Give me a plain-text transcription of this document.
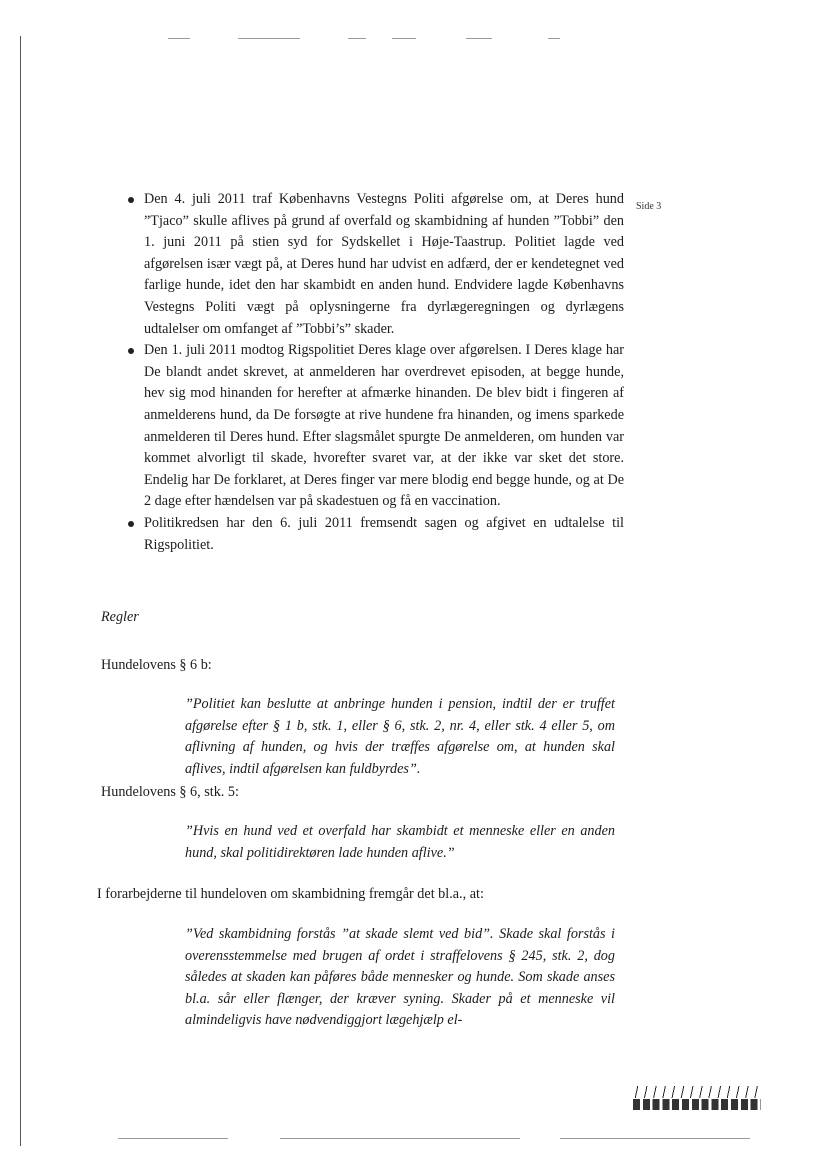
Side 3
Den 4. juli 2011 traf Københavns Vestegns Politi afgørelse om, at Deres hund ”Tjaco” skulle aflives på grund af overfald og skambidning af hunden ”Tobbi” den 1. juni 2011 på stien syd for Sydskellet i Høje-Taastrup. Politiet lagde ved afgørelsen især vægt på, at Deres hund har udvist en adfærd, der er kendetegnet ved farlige hunde, idet den har skambidt en anden hund. Endvidere lagde Københavns Vestegns Politi vægt på oplysningerne fra dyrlægeregningen og dyrlægens udtalelser om omfanget af ”Tobbi’s” skader.
Den 1. juli 2011 modtog Rigspolitiet Deres klage over afgørelsen. I Deres klage har De blandt andet skrevet, at anmelderen har overdrevet episoden, at begge hunde, hev sig mod hinanden for herefter at afmærke hinanden. De blev bidt i fingeren af anmelderens hund, da De forsøgte at rive hundene fra hinanden, og imens sparkede anmelderen til Deres hund. Efter slagsmålet spurgte De anmelderen, om hunden var kommet alvorligt til skade, hvorefter svaret var, at der ikke var sket det store. Endelig har De forklaret, at Deres finger var mere blodig end begge hunde, og at De 2 dage efter hændelsen var på skadestuen og få en vaccination.
Politikredsen har den 6. juli 2011 fremsendt sagen og afgivet en udtalelse til Rigspolitiet.
Regler
Hundelovens § 6 b:
”Politiet kan beslutte at anbringe hunden i pension, indtil der er truffet afgørelse efter § 1 b, stk. 1, eller § 6, stk. 2, nr. 4, eller stk. 4 eller 5, om aflivning af hunden, og hvis der træffes afgørelse om, at hunden skal aflives, indtil afgørelsen kan fuldbyrdes”.
Hundelovens § 6, stk. 5:
”Hvis en hund ved et overfald har skambidt et menneske eller en anden hund, skal politidirektøren lade hunden aflive.”
I forarbejderne til hundeloven om skambidning fremgår det bl.a., at:
”Ved skambidning forstås ”at skade slemt ved bid”. Skade skal forstås i overensstemmelse med brugen af ordet i straffelovens § 245, stk. 2, dog således at skaden kan påføres både mennesker og hunde. Som skade anses bl.a. sår eller flænger, der kræver syning. Skader på et menneske vil almindeligvis have nødvendiggjort lægehjælp el-
